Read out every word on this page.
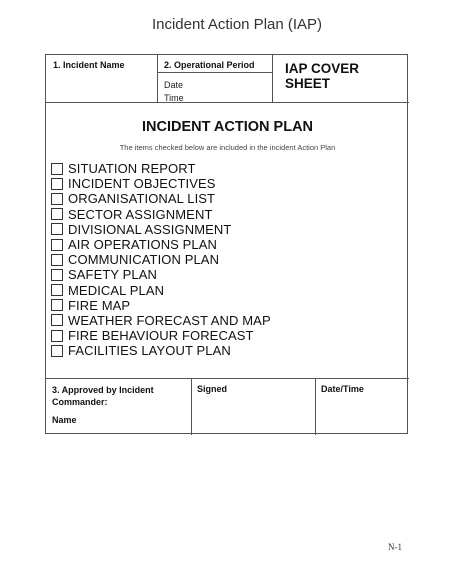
Incident Action Plan (IAP)
1. Incident Name	2. Operational Period
Date
Time
IAP COVER SHEET
INCIDENT ACTION PLAN
The items checked below are included in the incident Action Plan
SITUATION REPORT
INCIDENT OBJECTIVES
ORGANISATIONAL LIST
SECTOR ASSIGNMENT
DIVISIONAL ASSIGNMENT
AIR OPERATIONS PLAN
COMMUNICATION PLAN
SAFETY PLAN
MEDICAL PLAN
FIRE MAP
WEATHER FORECAST AND MAP
FIRE BEHAVIOUR FORECAST
FACILITIES LAYOUT PLAN
3. Approved by Incident Commander:
Name
Signed	Date/Time
N-1
